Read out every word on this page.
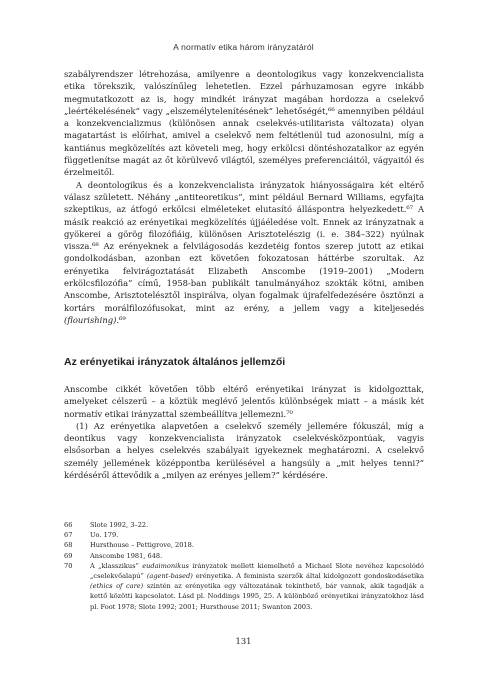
A normatív etika három irányzatáról

szabályrendszer létrehozása, amilyenre a deontologikus vagy konzekvencialista etika törekszik, valószínűleg lehetetlen. Ezzel párhuzamosan egyre inkább megmutatkozott az is, hogy mindkét irányzat magában hordozza a cselekvő „leértékelésének” vagy „elszemélytelenítésének” lehetőségét,⁶⁶ amennyiben például a konzekvencializmus (különösen annak cselekvés-utilitarista változata) olyan magatartást is előírhat, amivel a cselekvő nem feltétlenül tud azonosulni, míg a kantiánus megközelítés azt követeli meg, hogy erkölcsi döntéshozatalkor az egyén függetlenítse magát az őt körülvevő világtól, személyes preferenciáitól, vágyaitól és érzelmeitől.

A deontologikus és a konzekvencialista irányzatok hiányosságaira két eltérő válasz született. Néhány „antiteoretikus”, mint például Bernard Williams, egyfajta szkeptikus, az átfogó erkölcsi elméleteket elutasító álláspontra helyezkedett.⁶⁷ A másik reakció az erényetikai megközelítés újjáéledése volt. Ennek az irányzatnak a gyökerei a görög filozófiáig, különösen Arisztotelészig (i. e. 384–322) nyúlnak vissza.⁶⁸ Az erényeknek a felvilágosodás kezdetéig fontos szerep jutott az etikai gondolkodásban, azonban ezt követően fokozatosan háttérbe szorultak. Az erényetika felvirágoztatását Elizabeth Anscombe (1919–2001) „Modern erkölcsfilozófia” című, 1958-ban publikált tanulmányához szokták kötni, amiben Anscombe, Arisztotelésztől inspirálva, olyan fogalmak újrafelfedezésére ösztönzi a kortárs morálfilozófusokat, mint az erény, a jellem vagy a kiteljesedés (flourishing).⁶⁹

Az erényetikai irányzatok általános jellemzői

Anscombe cikkét követően több eltérő erényetikai irányzat is kidolgozttak, amelyeket célszerű – a köztük meglévő jelentős különbségek miatt – a másik két normatív etikai irányzattal szembeállítva jellemezni.⁷⁰

(1) Az erényetika alapvetően a cselekvő személy jellemére fókuszál, míg a deontikus vagy konzekvencialista irányzatok cselekvésközpontúak, vagyis elsősorban a helyes cselekvés szabályait igyekeznek meghatározni. A cselekvő személy jellemének középpontba kerülésével a hangsúly a „mit helyes tenni?” kérdéséről áttevődik a „milyen az erényes jellem?” kérdésére.

66	Slote 1992, 3–22.
67	Uo. 179.
68	Hursthouse – Pettigrove, 2018.
69	Anscombe 1981, 648.
70	A „klasszikus” eudaimonikus irányzatok mellett kiemelhető a Michael Slote nevéhez kapcsolódó „cselekvőalapú” (agent-based) erényetika. A feminista szerzők által kidolgozott gondoskodásetika (ethics of care) szintén az erényetika egy változatának tekinthető, bár vannak, akik tagadják a kettő közötti kapcsolatot. Lásd pl. Noddings 1995, 25. A különböző erényetikai irányzatokhoz lásd pl. Foot 1978; Slote 1992; 2001; Hursthouse 2011; Swanton 2003.
131
